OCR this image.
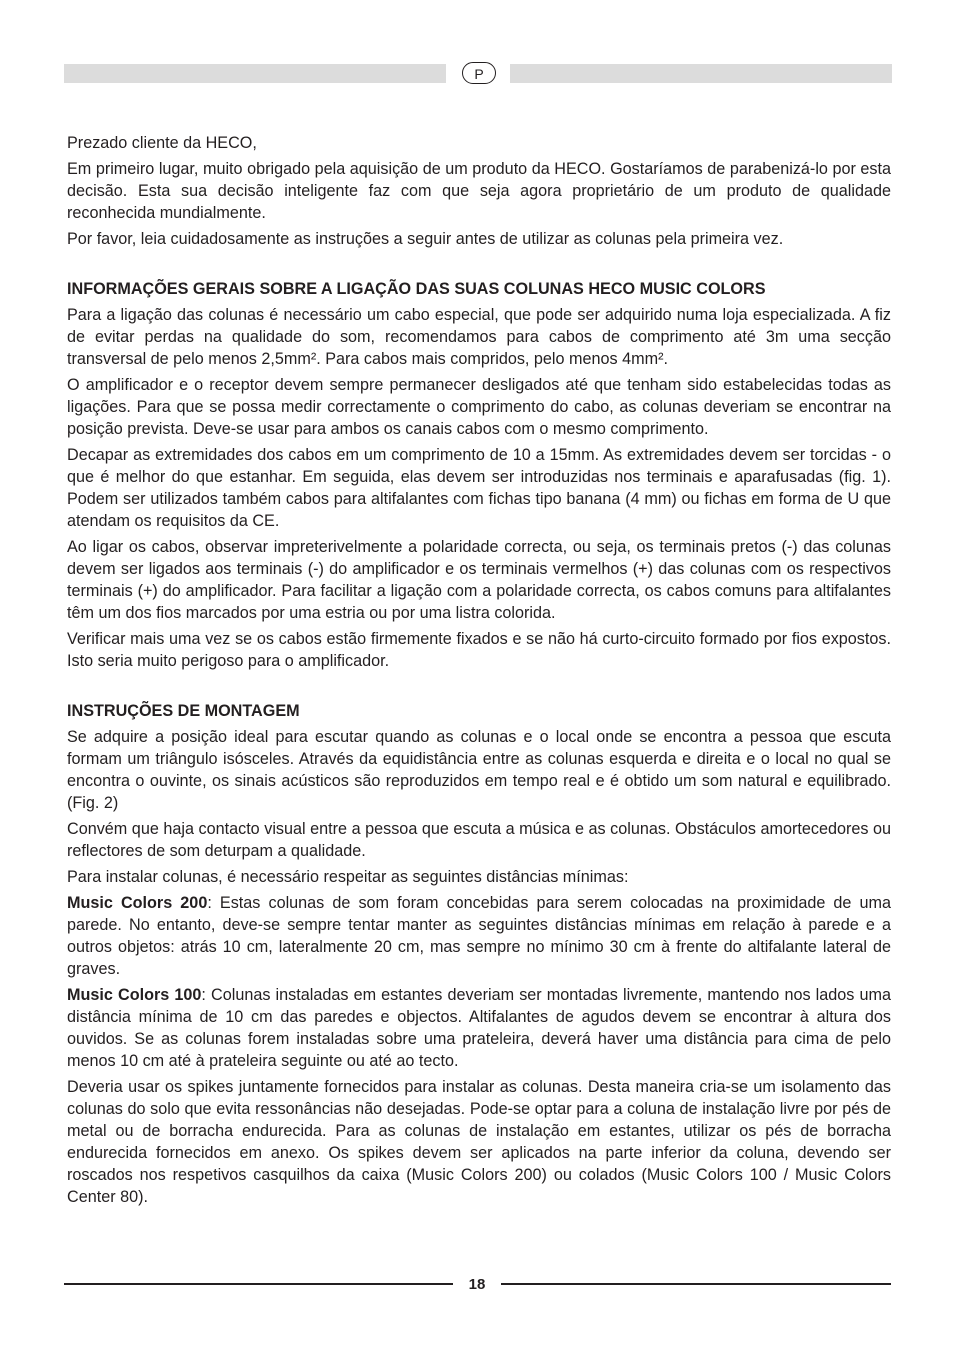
P

Prezado cliente da HECO,

Em primeiro lugar, muito obrigado pela aquisição de um produto da HECO. Gostaríamos de parabenizá-lo por esta decisão. Esta sua decisão inteligente faz com que seja agora proprietário de um produto de qualidade reconhecida mundialmente.

Por favor, leia cuidadosamente as instruções a seguir antes de utilizar as colunas pela primeira vez.

INFORMAÇÕES GERAIS SOBRE A LIGAÇÃO DAS SUAS COLUNAS HECO MUSIC COLORS

Para a ligação das colunas é necessário um cabo especial, que pode ser adquirido numa loja especializada. A fiz de evitar perdas na qualidade do som, recomendamos para cabos de comprimento até 3m uma secção transversal de pelo menos 2,5mm². Para cabos mais compridos, pelo menos 4mm².

O amplificador e o receptor devem sempre permanecer desligados até que tenham sido estabelecidas todas as ligações. Para que se possa medir correctamente o comprimento do cabo, as colunas deveriam se encontrar na posição prevista. Deve-se usar para ambos os canais cabos com o mesmo comprimento.

Decapar as extremidades dos cabos em um comprimento de 10 a 15mm. As extremidades devem ser torcidas - o que é melhor do que estanhar. Em seguida, elas devem ser introduzidas nos terminais e aparafusadas (fig. 1). Podem ser utilizados também cabos para altifalantes com fichas tipo banana (4 mm) ou fichas em forma de U que atendam os requisitos da CE.

Ao ligar os cabos, observar impreterivelmente a polaridade correcta, ou seja, os terminais pretos (-) das colunas devem ser ligados aos terminais (-) do amplificador e os terminais vermelhos (+) das colunas com os respectivos terminais (+) do amplificador. Para facilitar a ligação com a polaridade correcta, os cabos comuns para altifalantes têm um dos fios marcados por uma estria ou por uma listra colorida.

Verificar mais uma vez se os cabos estão firmemente fixados e se não há curto-circuito formado por fios expostos. Isto seria muito perigoso para o amplificador.

INSTRUÇÕES DE MONTAGEM

Se adquire a posição ideal para escutar quando as colunas e o local onde se encontra a pessoa que escuta formam um triângulo isósceles. Através da equidistância entre as colunas esquerda e direita e o local no qual se encontra o ouvinte, os sinais acústicos são reproduzidos em tempo real e é obtido um som natural e equilibrado. (Fig. 2)

Convém que haja contacto visual entre a pessoa que escuta a música e as colunas. Obstáculos amortecedores ou reflectores de som deturpam a qualidade.

Para instalar colunas, é necessário respeitar as seguintes distâncias mínimas:

Music Colors 200: Estas colunas de som foram concebidas para serem colocadas na proximidade de uma parede. No entanto, deve-se sempre tentar manter as seguintes distâncias mínimas em relação à parede e a outros objetos: atrás 10 cm, lateralmente 20 cm, mas sempre no mínimo 30 cm à frente do altifalante lateral de graves.

Music Colors 100: Colunas instaladas em estantes deveriam ser montadas livremente, mantendo nos lados uma distância mínima de 10 cm das paredes e objectos. Altifalantes de agudos devem se encontrar à altura dos ouvidos. Se as colunas forem instaladas sobre uma prateleira, deverá haver uma distância para cima de pelo menos 10 cm até à prateleira seguinte ou até ao tecto.

Deveria usar os spikes juntamente fornecidos para instalar as colunas. Desta maneira cria-se um isolamento das colunas do solo que evita ressonâncias não desejadas. Pode-se optar para a coluna de instalação livre por pés de metal ou de borracha endurecida. Para as colunas de instalação em estantes, utilizar os pés de borracha endurecida fornecidos em anexo. Os spikes devem ser aplicados na parte inferior da coluna, devendo ser roscados nos respetivos casquilhos da caixa (Music Colors 200) ou colados (Music Colors 100 / Music Colors Center 80).

18
